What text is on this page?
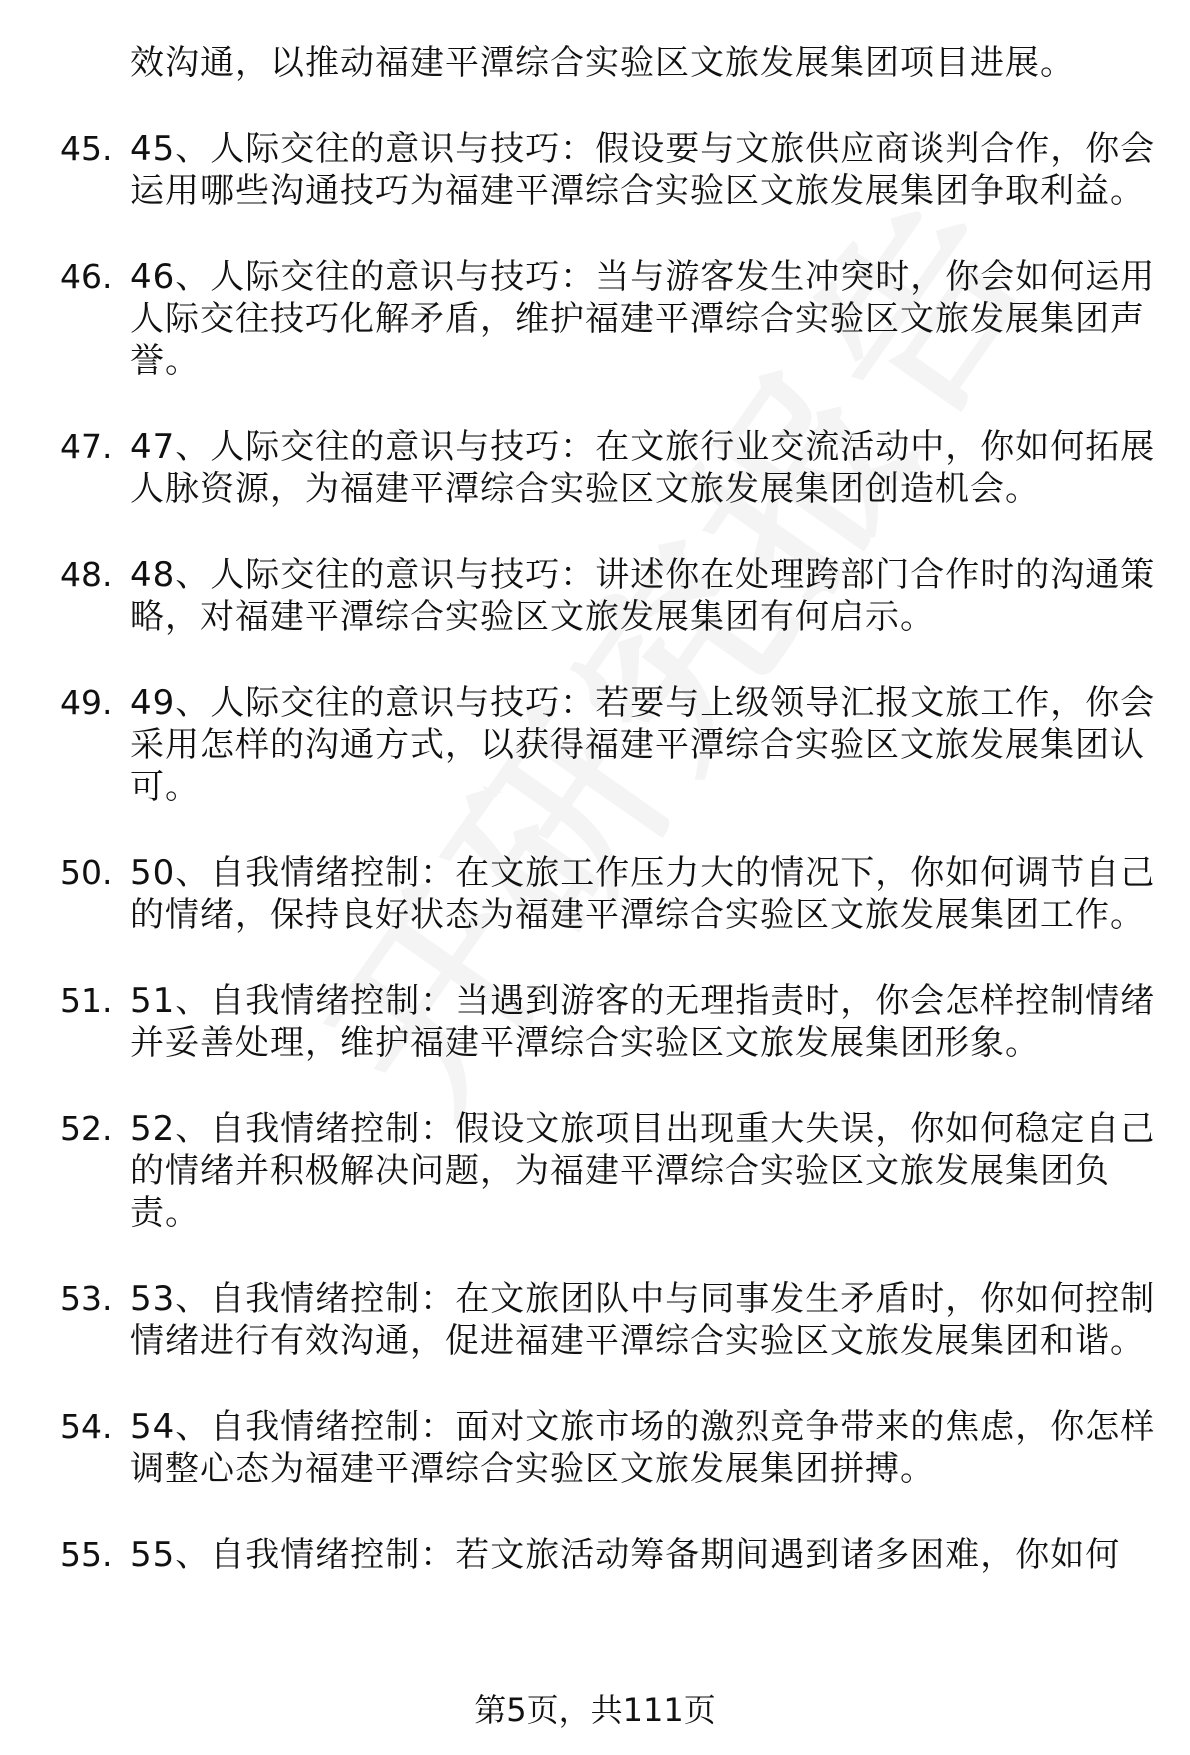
效沟通，以推动福建平潭综合实验区文旅发展集团项目进展。
45. 45、人际交往的意识与技巧：假设要与文旅供应商谈判合作，你会运用哪些沟通技巧为福建平潭综合实验区文旅发展集团争取利益。
46. 46、人际交往的意识与技巧：当与游客发生冲突时，你会如何运用人际交往技巧化解矛盾，维护福建平潭综合实验区文旅发展集团声誉。
47. 47、人际交往的意识与技巧：在文旅行业交流活动中，你如何拓展人脉资源，为福建平潭综合实验区文旅发展集团创造机会。
48. 48、人际交往的意识与技巧：讲述你在处理跨部门合作时的沟通策略，对福建平潭综合实验区文旅发展集团有何启示。
49. 49、人际交往的意识与技巧：若要与上级领导汇报文旅工作，你会采用怎样的沟通方式，以获得福建平潭综合实验区文旅发展集团认可。
50. 50、自我情绪控制：在文旅工作压力大的情况下，你如何调节自己的情绪，保持良好状态为福建平潭综合实验区文旅发展集团工作。
51. 51、自我情绪控制：当遇到游客的无理指责时，你会怎样控制情绪并妥善处理，维护福建平潭综合实验区文旅发展集团形象。
52. 52、自我情绪控制：假设文旅项目出现重大失误，你如何稳定自己的情绪并积极解决问题，为福建平潭综合实验区文旅发展集团负责。
53. 53、自我情绪控制：在文旅团队中与同事发生矛盾时，你如何控制情绪进行有效沟通，促进福建平潭综合实验区文旅发展集团和谐。
54. 54、自我情绪控制：面对文旅市场的激烈竞争带来的焦虑，你怎样调整心态为福建平潭综合实验区文旅发展集团拼搏。
55. 55、自我情绪控制：若文旅活动筹备期间遇到诸多困难，你如何
第5页，共111页
